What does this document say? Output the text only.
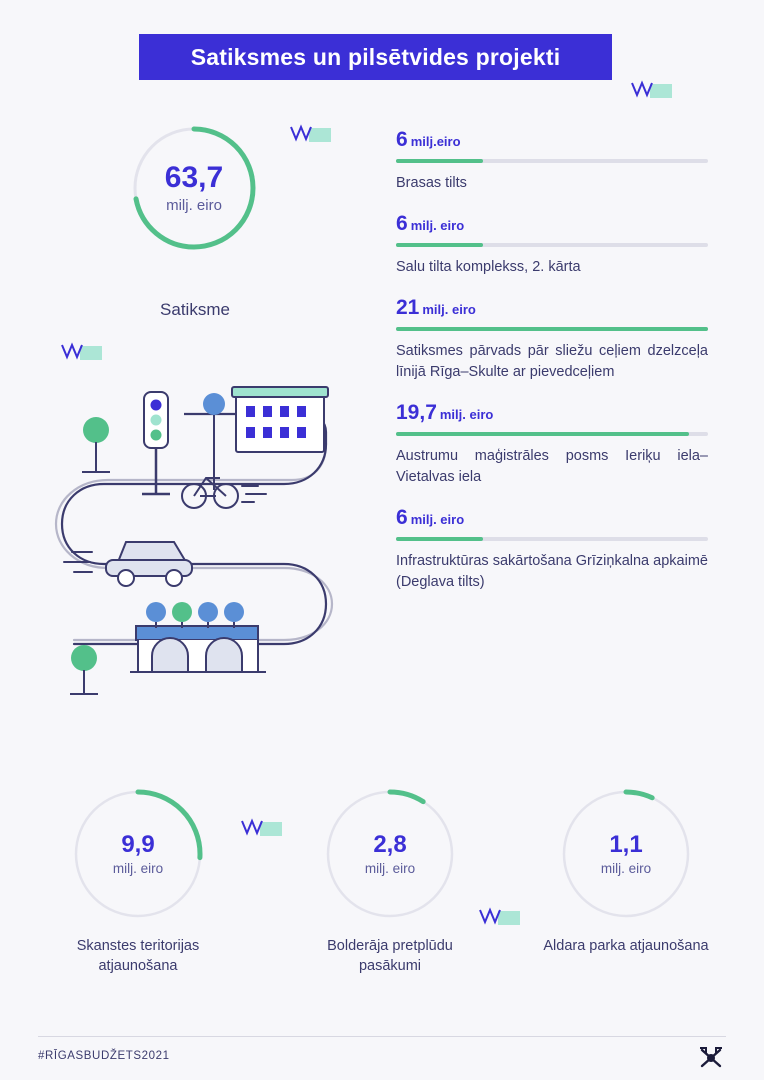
Satiksmes un pilsētvides projekti
63,7
milj. eiro
Satiksme
6 milj.eiro
Brasas tilts
6 milj. eiro
Salu tilta komplekss, 2. kārta
21 milj. eiro
Satiksmes pārvads pār sliežu ceļiem dzelzceļa līnijā Rīga–Skulte ar pievedceļiem
19,7 milj. eiro
Austrumu maģistrāles posms Ieriķu iela–Vietalvas iela
6 milj. eiro
Infrastruktūras sakārtošana Grīziņkalna apkaimē (Deglava tilts)
9,9
milj. eiro
Skanstes teritorijas atjaunošana
2,8
milj. eiro
Bolderāja pretplūdu pasākumi
1,1
milj. eiro
Aldara parka atjaunošana
#RĪGASBUDŽETS2021
